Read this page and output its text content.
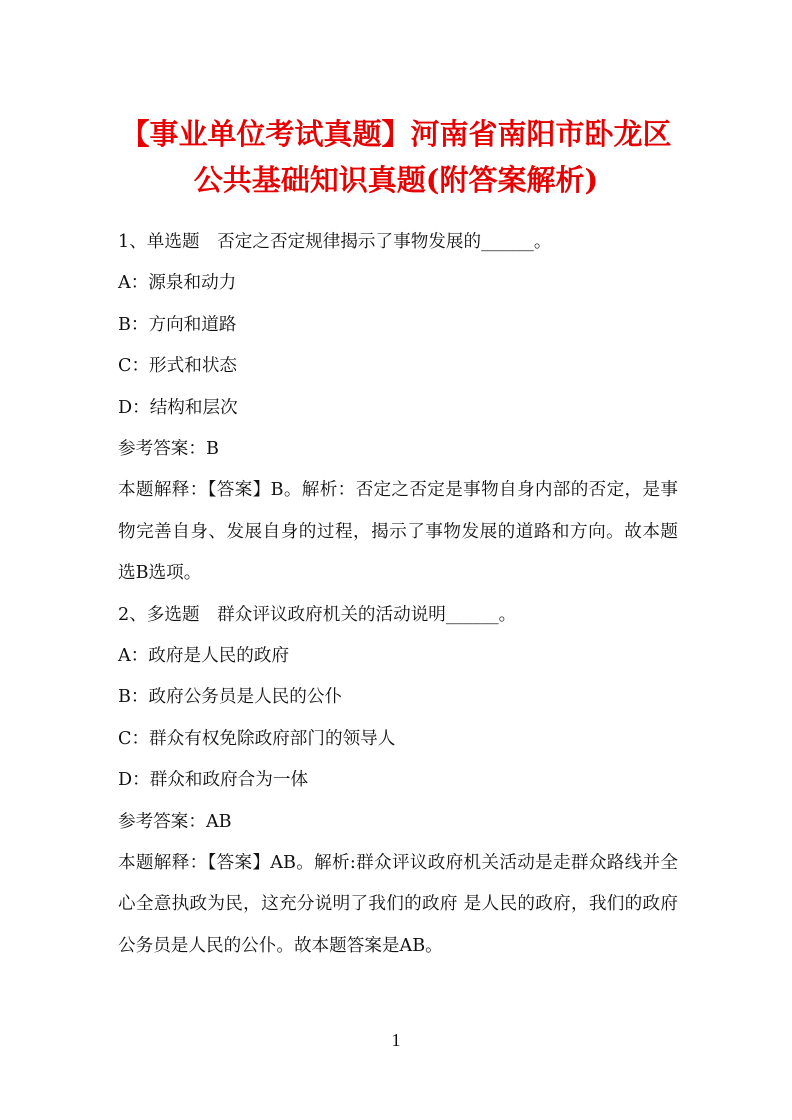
【事业单位考试真题】河南省南阳市卧龙区
公共基础知识真题(附答案解析)
1、单选题　否定之否定规律揭示了事物发展的______。
A：源泉和动力
B：方向和道路
C：形式和状态
D：结构和层次
参考答案：B
本题解释：【答案】B。解析：否定之否定是事物自身内部的否定，是事物完善自身、发展自身的过程，揭示了事物发展的道路和方向。故本题选B选项。
2、多选题　群众评议政府机关的活动说明______。
A：政府是人民的政府
B：政府公务员是人民的公仆
C：群众有权免除政府部门的领导人
D：群众和政府合为一体
参考答案：AB
本题解释：【答案】AB。解析:群众评议政府机关活动是走群众路线并全心全意执政为民，这充分说明了我们的政府 是人民的政府，我们的政府公务员是人民的公仆。故本题答案是AB。
1
